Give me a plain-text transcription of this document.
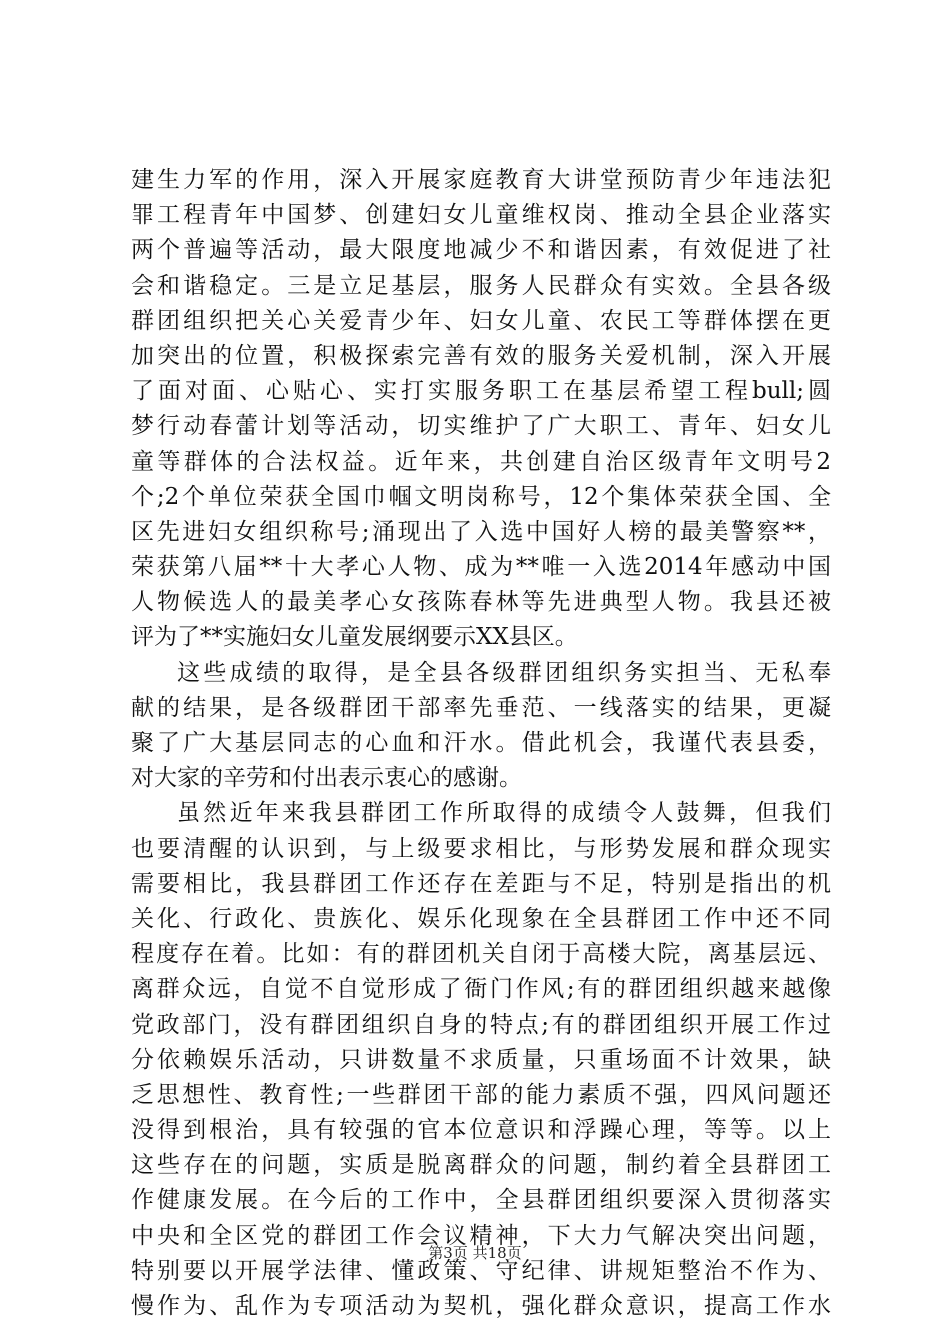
建生力军的作用，深入开展家庭教育大讲堂预防青少年违法犯
罪工程青年中国梦、创建妇女儿童维权岗、推动全县企业落实
两个普遍等活动，最大限度地减少不和谐因素，有效促进了社
会和谐稳定。三是立足基层，服务人民群众有实效。全县各级
群团组织把关心关爱青少年、妇女儿童、农民工等群体摆在更
加突出的位置，积极探索完善有效的服务关爱机制，深入开展
了面对面、心贴心、实打实服务职工在基层希望工程bull;圆
梦行动春蕾计划等活动，切实维护了广大职工、青年、妇女儿
童等群体的合法权益。近年来，共创建自治区级青年文明号2
个;2个单位荣获全国巾帼文明岗称号，12个集体荣获全国、全
区先进妇女组织称号;涌现出了入选中国好人榜的最美警察**，
荣获第八届**十大孝心人物、成为**唯一入选2014年感动中国
人物候选人的最美孝心女孩陈春林等先进典型人物。我县还被
评为了**实施妇女儿童发展纲要示XX县区。
这些成绩的取得，是全县各级群团组织务实担当、无私奉
献的结果，是各级群团干部率先垂范、一线落实的结果，更凝
聚了广大基层同志的心血和汗水。借此机会，我谨代表县委，
对大家的辛劳和付出表示衷心的感谢。
虽然近年来我县群团工作所取得的成绩令人鼓舞，但我们
也要清醒的认识到，与上级要求相比，与形势发展和群众现实
需要相比，我县群团工作还存在差距与不足，特别是指出的机
关化、行政化、贵族化、娱乐化现象在全县群团工作中还不同
程度存在着。比如：有的群团机关自闭于高楼大院，离基层远、
离群众远，自觉不自觉形成了衙门作风;有的群团组织越来越像
党政部门，没有群团组织自身的特点;有的群团组织开展工作过
分依赖娱乐活动，只讲数量不求质量，只重场面不计效果，缺
乏思想性、教育性;一些群团干部的能力素质不强，四风问题还
没得到根治，具有较强的官本位意识和浮躁心理，等等。以上
这些存在的问题，实质是脱离群众的问题，制约着全县群团工
作健康发展。在今后的工作中，全县群团组织要深入贯彻落实
中央和全区党的群团工作会议精神，下大力气解决突出问题，
特别要以开展学法律、懂政策、守纪律、讲规矩整治不作为、
慢作为、乱作为专项活动为契机，强化群众意识，提高工作水
第3页 共18页
